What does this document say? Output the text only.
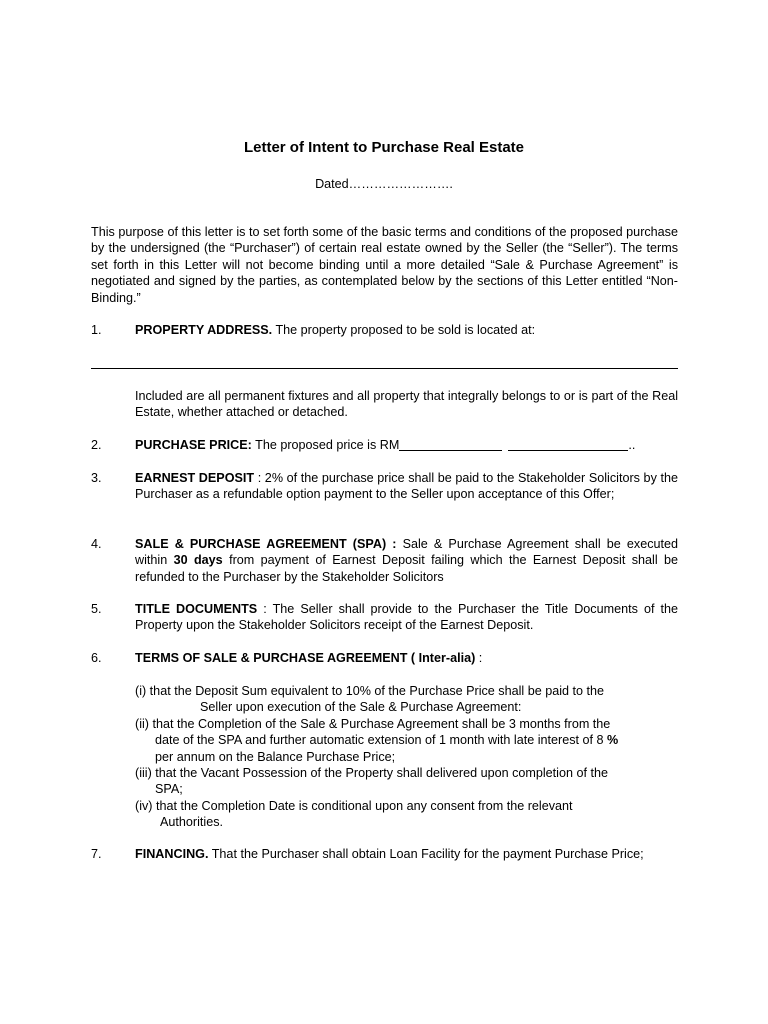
Letter of Intent to Purchase Real Estate
Dated…………………….

This purpose of this letter is to set forth some of the basic terms and conditions of the proposed purchase by the undersigned (the “Purchaser”) of certain real estate owned by the Seller (the “Seller”). The terms set forth in this Letter will not become binding until a more detailed “Sale & Purchase Agreement” is negotiated and signed by the parties, as contemplated below by the sections of this Letter entitled “Non-Binding.”

1.	PROPERTY ADDRESS. The property proposed to be sold is located at:

Included are all permanent fixtures and all property that integrally belongs to or is part of the Real Estate, whether attached or detached.

2.	PURCHASE PRICE: The proposed price is RM	..
3.	EARNEST DEPOSIT : 2% of the purchase price shall be paid to the Stakeholder Solicitors by the Purchaser as a refundable option payment to the Seller upon acceptance of this Offer;
4.	SALE & PURCHASE AGREEMENT (SPA) : Sale & Purchase Agreement shall be executed within 30 days from payment of Earnest Deposit failing which the Earnest Deposit shall be refunded to the Purchaser by the Stakeholder Solicitors
5.	TITLE DOCUMENTS : The Seller shall provide to the Purchaser the Title Documents of the Property upon the Stakeholder Solicitors receipt of the Earnest Deposit.
6.	TERMS OF SALE & PURCHASE AGREEMENT ( Inter-alia) :

(i) that the Deposit Sum equivalent to 10% of the Purchase Price shall be paid to the

Seller upon execution of the Sale & Purchase Agreement:

(ii) that the Completion of the Sale & Purchase Agreement shall be 3 months from the

date of the SPA and further automatic extension of 1 month with late interest of 8 %

per annum on the Balance Purchase Price;

(iii) that the Vacant Possession of the Property shall delivered upon completion of the

SPA;

(iv) that the Completion Date is conditional upon any consent from the relevant

Authorities.

7.	FINANCING. That the Purchaser shall obtain Loan Facility for the payment Purchase Price;
